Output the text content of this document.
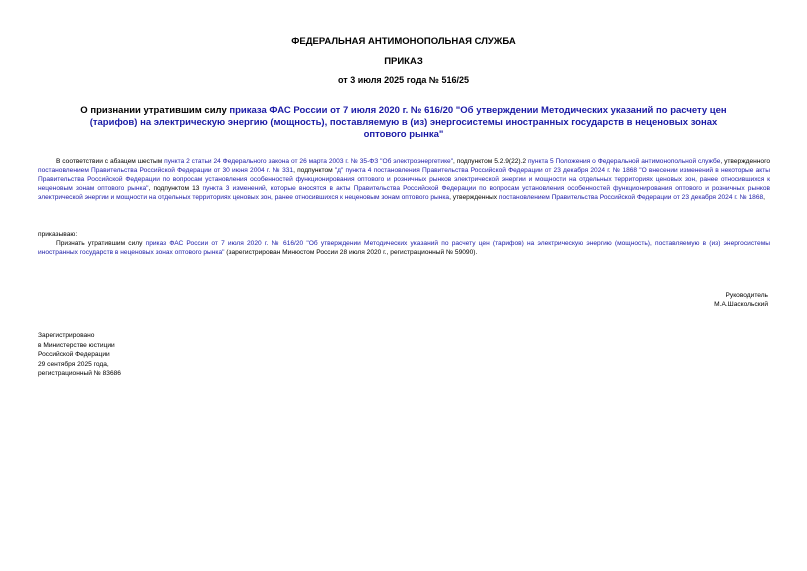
ФЕДЕРАЛЬНАЯ АНТИМОНОПОЛЬНАЯ СЛУЖБА
ПРИКАЗ
от 3 июля 2025 года № 516/25
О признании утратившим силу приказа ФАС России от 7 июля 2020 г. № 616/20 "Об утверждении Методических указаний по расчету цен (тарифов) на электрическую энергию (мощность), поставляемую в (из) энергосистемы иностранных государств в неценовых зонах оптового рынка"
В соответствии с абзацем шестым пункта 2 статьи 24 Федерального закона от 26 марта 2003 г. № 35-ФЗ "Об электроэнергетике", подпунктом 5.2.9(22).2 пункта 5 Положения о Федеральной антимонопольной службе, утвержденного постановлением Правительства Российской Федерации от 30 июня 2004 г. № 331, подпунктом "д" пункта 4 постановления Правительства Российской Федерации от 23 декабря 2024 г. № 1868 "О внесении изменений в некоторые акты Правительства Российской Федерации по вопросам установления особенностей функционирования оптового и розничных рынков электрической энергии и мощности на отдельных территориях ценовых зон, ранее относившихся к неценовым зонам оптового рынка", подпунктом 13 пункта 3 изменений, которые вносятся в акты Правительства Российской Федерации по вопросам установления особенностей функционирования оптового и розничных рынков электрической энергии и мощности на отдельных территориях ценовых зон, ранее относившихся к неценовым зонам оптового рынка, утвержденных постановлением Правительства Российской Федерации от 23 декабря 2024 г. № 1868,
приказываю:
Признать утратившим силу приказ ФАС России от 7 июля 2020 г. № 616/20 "Об утверждении Методических указаний по расчету цен (тарифов) на электрическую энергию (мощность), поставляемую в (из) энергосистемы иностранных государств в неценовых зонах оптового рынка" (зарегистрирован Минюстом России 28 июля 2020 г., регистрационный № 59090).
Руководитель
М.А.Шаскольский
Зарегистрировано
в Министерстве юстиции
Российской Федерации
29 сентября 2025 года,
регистрационный № 83686
